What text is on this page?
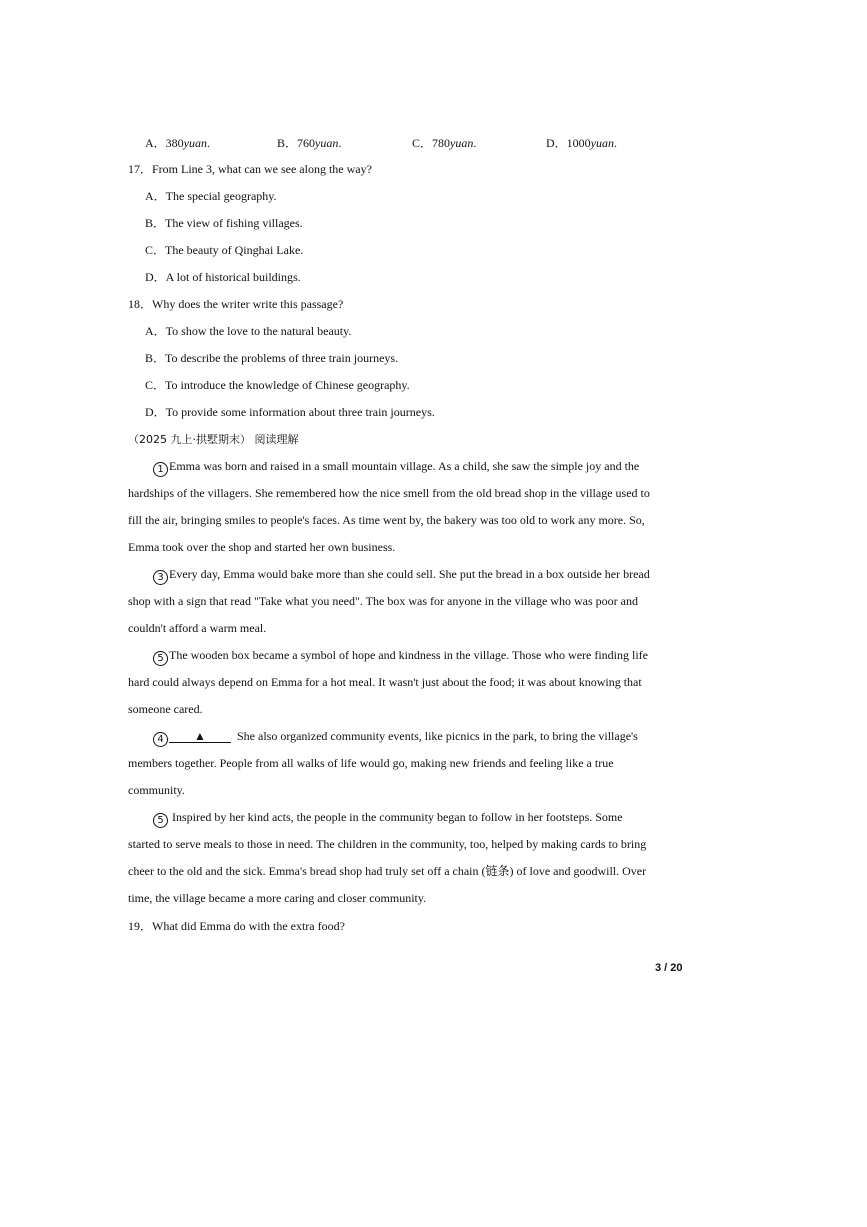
A．380yuan.	B．760yuan.	C．780yuan.	D．1000yuan.
17．From Line 3, what can we see along the way?
A．The special geography.
B．The view of fishing villages.
C．The beauty of Qinghai Lake.
D．A lot of historical buildings.
18．Why does the writer write this passage?
A．To show the love to the natural beauty.
B．To describe the problems of three train journeys.
C．To introduce the knowledge of Chinese geography.
D．To provide some information about three train journeys.
（2025 九上·拱墅期末） 阅读理解
1 Emma was born and raised in a small mountain village. As a child, she saw the simple joy and the
hardships of the villagers. She remembered how the nice smell from the old bread shop in the village used to
fill the air, bringing smiles to people's faces. As time went by, the bakery was too old to work any more. So,
Emma took over the shop and started her own business.
3 Every day, Emma would bake more than she could sell. She put the bread in a box outside her bread
shop with a sign that read "Take what you need". The box was for anyone in the village who was poor and
couldn't afford a warm meal.
5 The wooden box became a symbol of hope and kindness in the village. Those who were finding life
hard could always depend on Emma for a hot meal. It wasn't just about the food; it was about knowing that
someone cared.
4	▲	She also organized community events, like picnics in the park, to bring the village's
members together. People from all walks of life would go, making new friends and feeling like a true
community.
5 Inspired by her kind acts, the people in the community began to follow in her footsteps. Some
started to serve meals to those in need. The children in the community, too, helped by making cards to bring
cheer to the old and the sick. Emma's bread shop had truly set off a chain (链条) of love and goodwill. Over
time, the village became a more caring and closer community.
19．What did Emma do with the extra food?
3 / 20
